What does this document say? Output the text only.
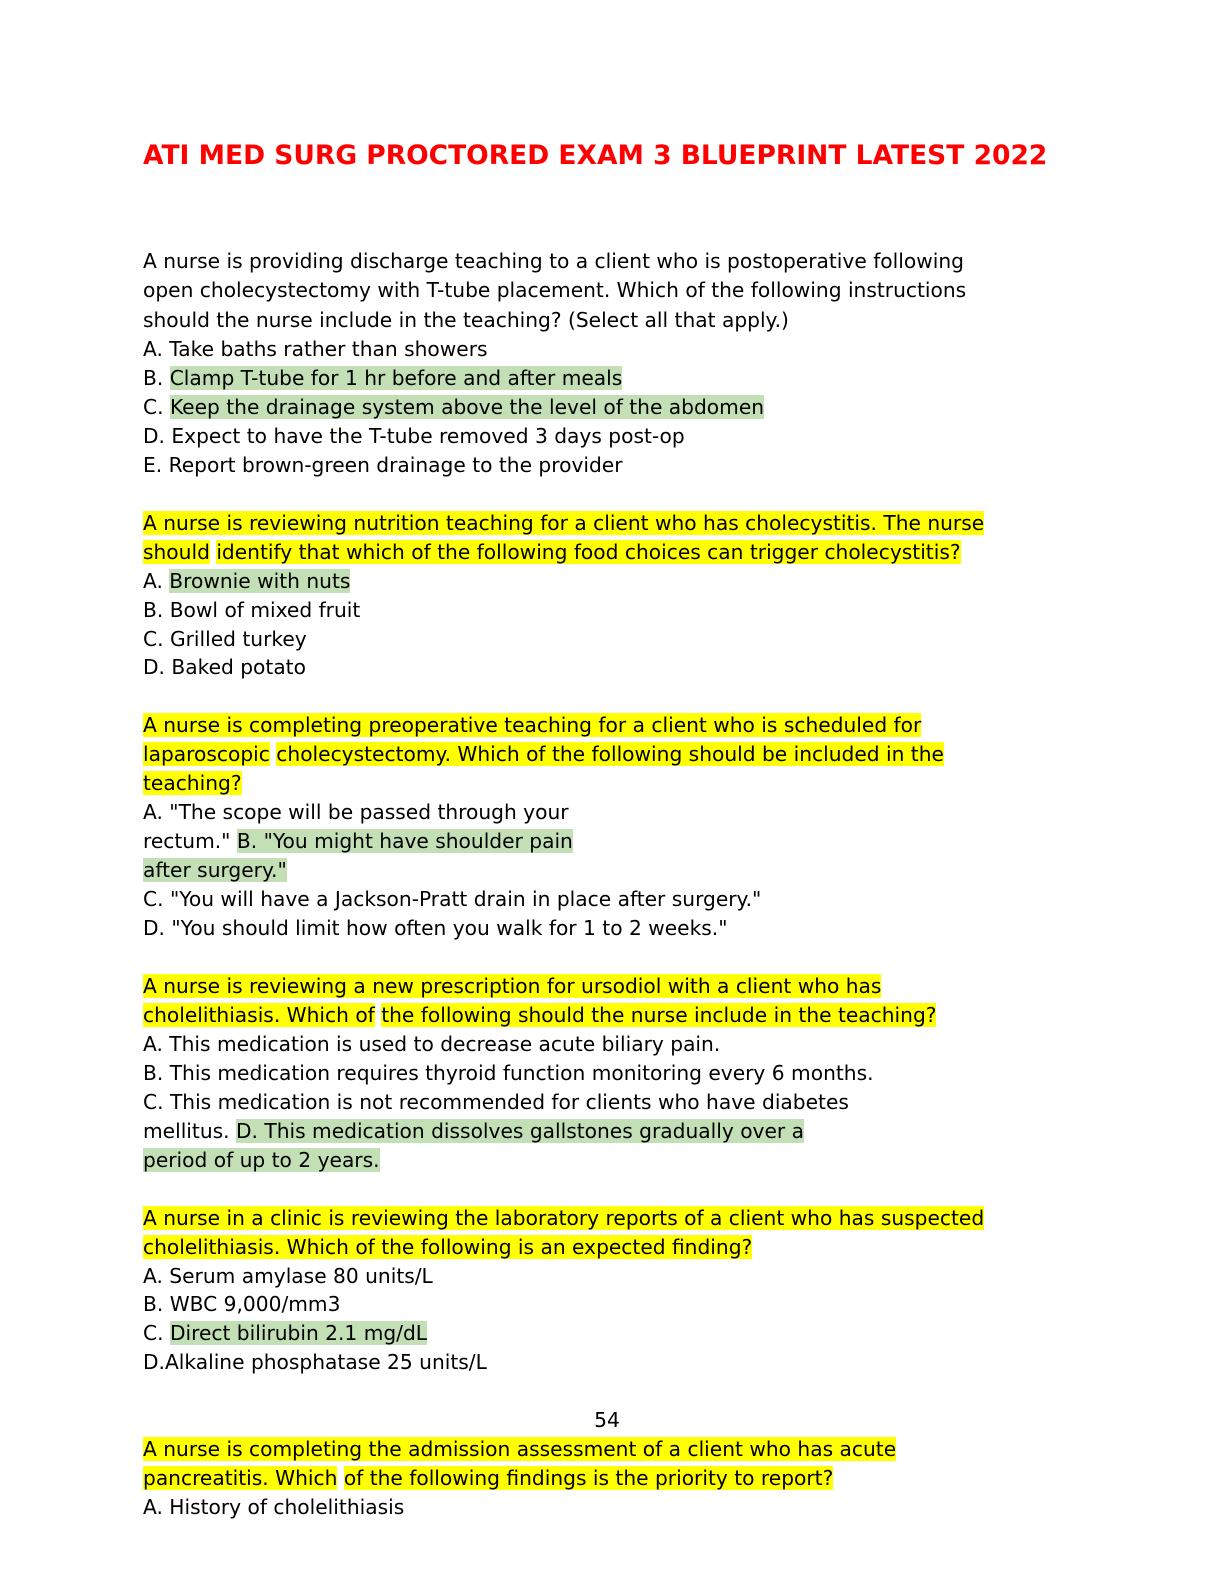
ATI MED SURG PROCTORED EXAM 3 BLUEPRINT LATEST 2022
A nurse is providing discharge teaching to a client who is postoperative following
open cholecystectomy with T-tube placement. Which of the following instructions
should the nurse include in the teaching? (Select all that apply.)
A. Take baths rather than showers
B. Clamp T-tube for 1 hr before and after meals
C. Keep the drainage system above the level of the abdomen
D. Expect to have the T-tube removed 3 days post-op
E. Report brown-green drainage to the provider
A nurse is reviewing nutrition teaching for a client who has cholecystitis. The nurse
should identify that which of the following food choices can trigger cholecystitis?
A. Brownie with nuts
B. Bowl of mixed fruit
C. Grilled turkey
D. Baked potato
A nurse is completing preoperative teaching for a client who is scheduled for
laparoscopic cholecystectomy. Which of the following should be included in the
teaching?
A. "The scope will be passed through your
rectum." B. "You might have shoulder pain
after surgery."
C. "You will have a Jackson-Pratt drain in place after surgery."
D. "You should limit how often you walk for 1 to 2 weeks."
A nurse is reviewing a new prescription for ursodiol with a client who has
cholelithiasis. Which of the following should the nurse include in the teaching?
A. This medication is used to decrease acute biliary pain.
B. This medication requires thyroid function monitoring every 6 months.
C. This medication is not recommended for clients who have diabetes
mellitus. D. This medication dissolves gallstones gradually over a
period of up to 2 years.
A nurse in a clinic is reviewing the laboratory reports of a client who has suspected
cholelithiasis. Which of the following is an expected finding?
A. Serum amylase 80 units/L
B. WBC 9,000/mm3
C. Direct bilirubin 2.1 mg/dL
D.Alkaline phosphatase 25 units/L
54
A nurse is completing the admission assessment of a client who has acute
pancreatitis. Which of the following findings is the priority to report?
A. History of cholelithiasis
